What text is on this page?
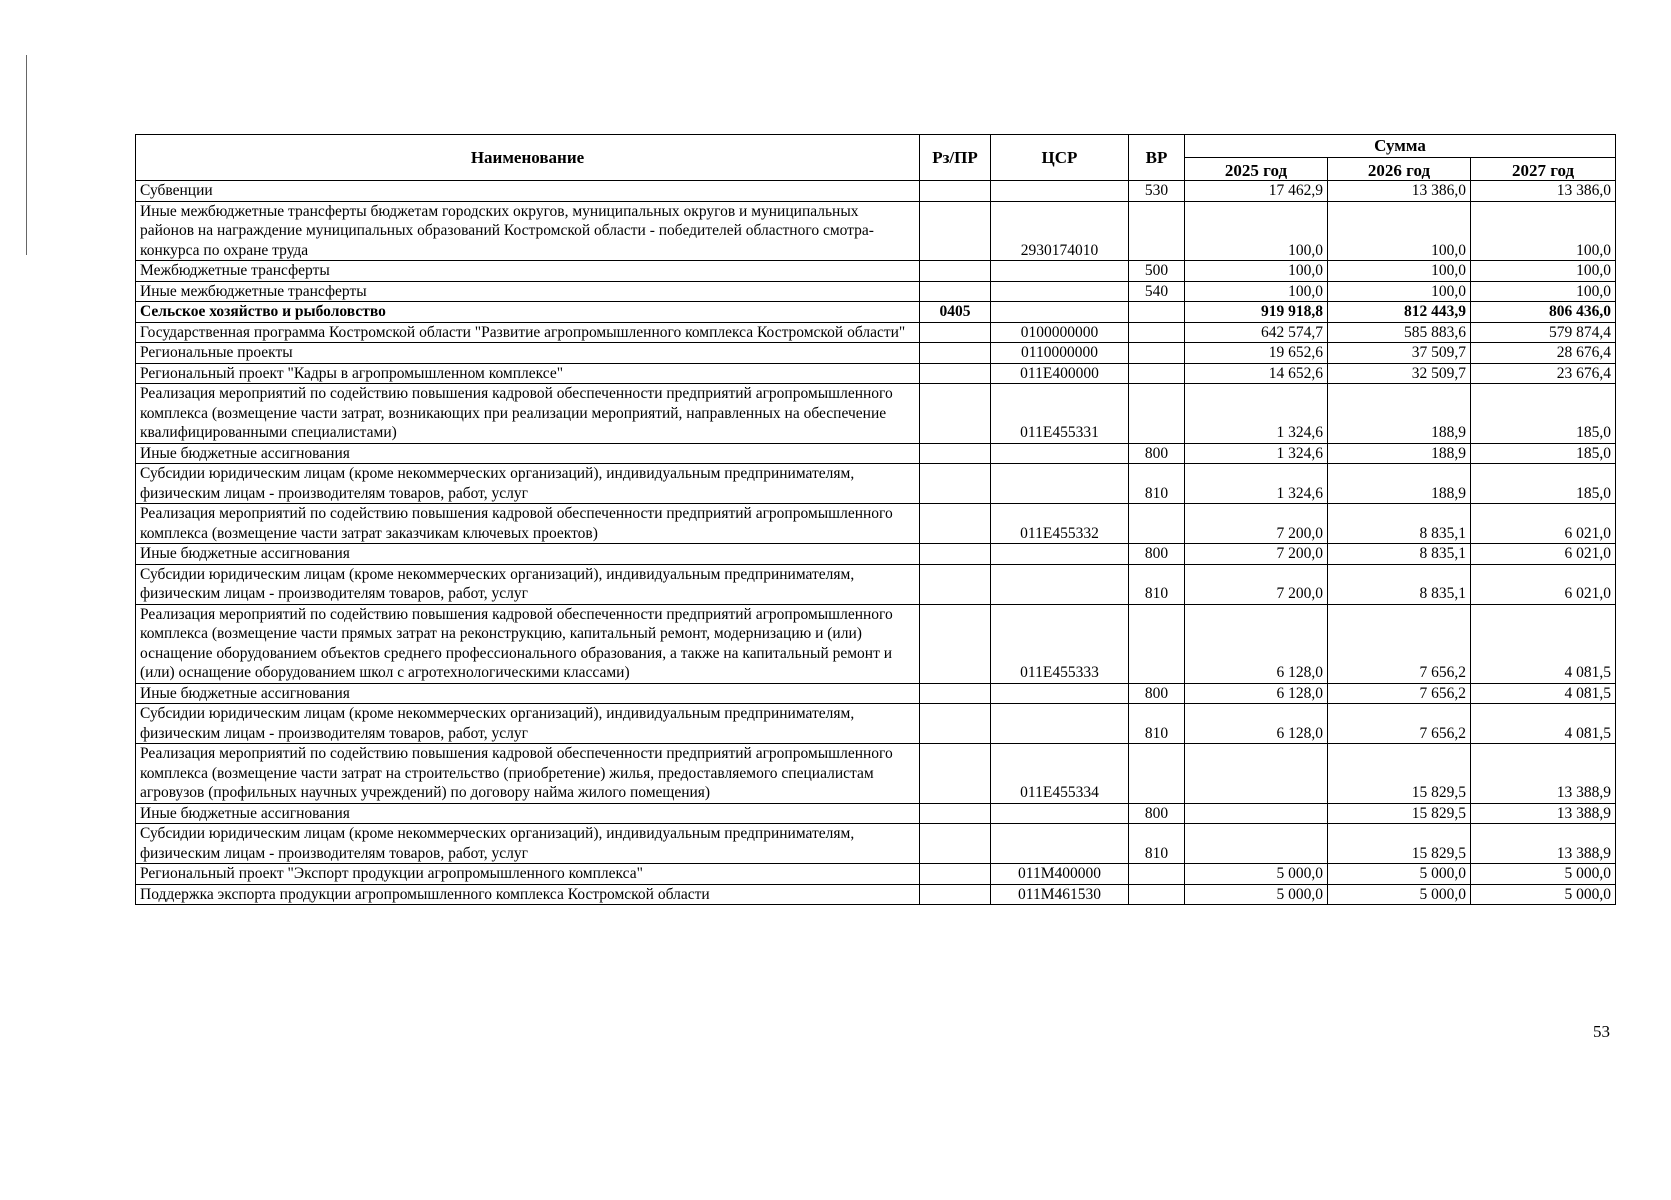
Наименование	Рз/ПР	ЦСР	ВР	Сумма		
				2025 год	2026 год	2027 год
Субвенции			530	17 462,9	13 386,0	13 386,0
Иные межбюджетные трансферты бюджетам городских округов, муниципальных округов и муниципальных районов на награждение муниципальных образований Костромской области - победителей областного смотра-конкурса по охране труда		2930174010		100,0	100,0	100,0
Межбюджетные трансферты			500	100,0	100,0	100,0
Иные межбюджетные трансферты			540	100,0	100,0	100,0
Сельское хозяйство и рыболовство	0405			919 918,8	812 443,9	806 436,0
Государственная программа Костромской области "Развитие агропромышленного комплекса Костромской области"		0100000000		642 574,7	585 883,6	579 874,4
Региональные проекты		0110000000		19 652,6	37 509,7	28 676,4
Региональный проект "Кадры в агропромышленном комплексе"		011E400000		14 652,6	32 509,7	23 676,4
Реализация мероприятий по содействию повышения кадровой обеспеченности предприятий агропромышленного комплекса (возмещение части затрат, возникающих при реализации мероприятий, направленных на обеспечение квалифицированными специалистами)		011E455331		1 324,6	188,9	185,0
Иные бюджетные ассигнования			800	1 324,6	188,9	185,0
Субсидии юридическим лицам (кроме некоммерческих организаций), индивидуальным предпринимателям, физическим лицам - производителям товаров, работ, услуг			810	1 324,6	188,9	185,0
Реализация мероприятий по содействию повышения кадровой обеспеченности предприятий агропромышленного комплекса (возмещение части затрат заказчикам ключевых проектов)		011E455332		7 200,0	8 835,1	6 021,0
Иные бюджетные ассигнования			800	7 200,0	8 835,1	6 021,0
Субсидии юридическим лицам (кроме некоммерческих организаций), индивидуальным предпринимателям, физическим лицам - производителям товаров, работ, услуг			810	7 200,0	8 835,1	6 021,0
Реализация мероприятий по содействию повышения кадровой обеспеченности предприятий агропромышленного комплекса (возмещение части прямых затрат на реконструкцию, капитальный ремонт, модернизацию и (или) оснащение оборудованием объектов среднего профессионального образования, а также на капитальный ремонт и (или) оснащение оборудованием школ с агротехнологическими классами)		011E455333		6 128,0	7 656,2	4 081,5
Иные бюджетные ассигнования			800	6 128,0	7 656,2	4 081,5
Субсидии юридическим лицам (кроме некоммерческих организаций), индивидуальным предпринимателям, физическим лицам - производителям товаров, работ, услуг			810	6 128,0	7 656,2	4 081,5
Реализация мероприятий по содействию повышения кадровой обеспеченности предприятий агропромышленного комплекса (возмещение части затрат на строительство (приобретение) жилья, предоставляемого специалистам агровузов (профильных научных учреждений) по договору найма жилого помещения)		011E455334			15 829,5	13 388,9
Иные бюджетные ассигнования			800		15 829,5	13 388,9
Субсидии юридическим лицам (кроме некоммерческих организаций), индивидуальным предпринимателям, физическим лицам - производителям товаров, работ, услуг			810		15 829,5	13 388,9
Региональный проект "Экспорт продукции агропромышленного комплекса"		011M400000		5 000,0	5 000,0	5 000,0
Поддержка экспорта продукции агропромышленного комплекса Костромской области		011M461530		5 000,0	5 000,0	5 000,0
53
